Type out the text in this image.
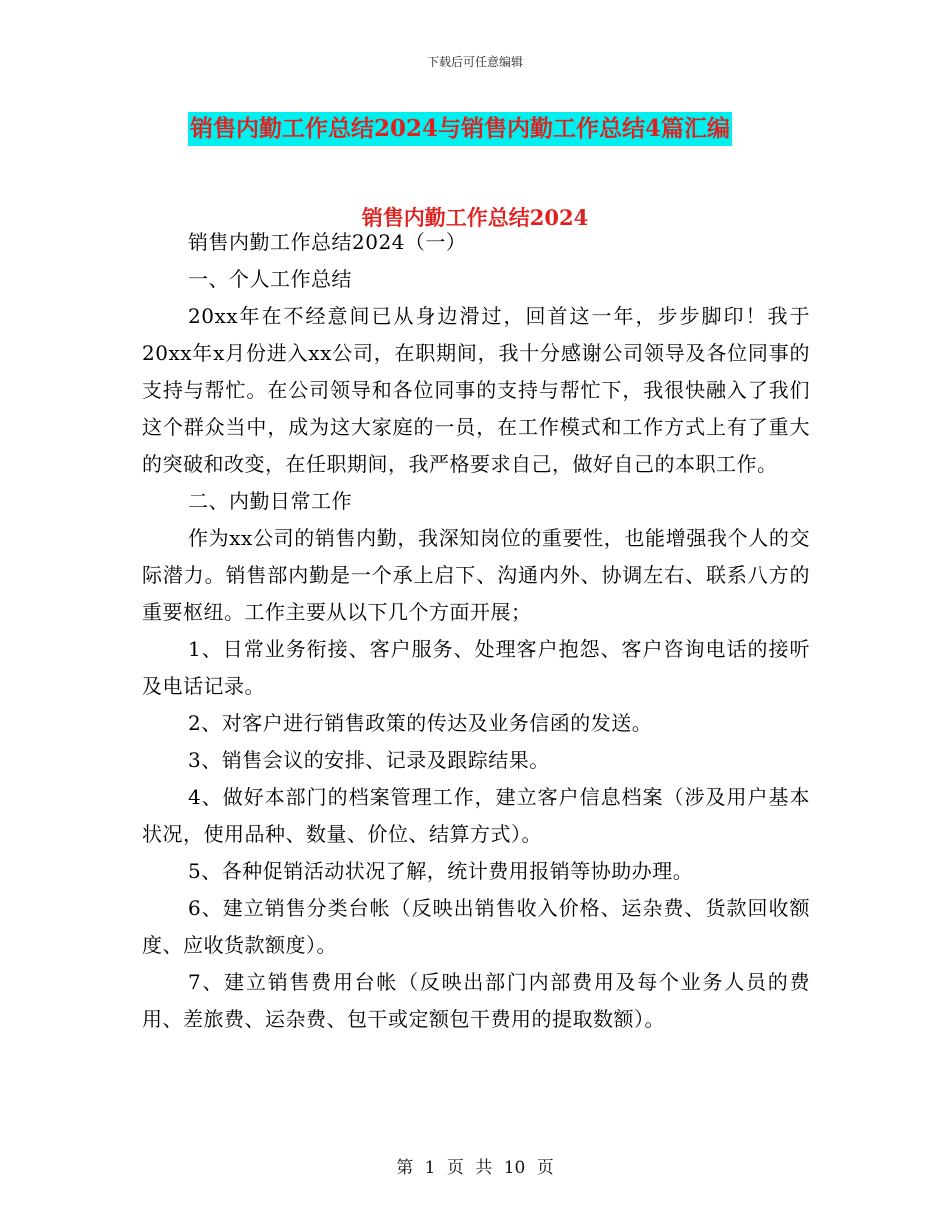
下载后可任意编辑
销售内勤工作总结2024与销售内勤工作总结4篇汇编
销售内勤工作总结2024

销售内勤工作总结2024（一）

一、个人工作总结

20xx年在不经意间已从身边滑过，回首这一年，步步脚印！我于20xx年x月份进入xx公司，在职期间，我十分感谢公司领导及各位同事的支持与帮忙。在公司领导和各位同事的支持与帮忙下，我很快融入了我们这个群众当中，成为这大家庭的一员，在工作模式和工作方式上有了重大的突破和改变，在任职期间，我严格要求自己，做好自己的本职工作。

二、内勤日常工作

作为xx公司的销售内勤，我深知岗位的重要性，也能增强我个人的交际潜力。销售部内勤是一个承上启下、沟通内外、协调左右、联系八方的重要枢纽。工作主要从以下几个方面开展；

1、日常业务衔接、客户服务、处理客户抱怨、客户咨询电话的接听及电话记录。

2、对客户进行销售政策的传达及业务信函的发送。

3、销售会议的安排、记录及跟踪结果。

4、做好本部门的档案管理工作，建立客户信息档案（涉及用户基本状况，使用品种、数量、价位、结算方式）。

5、各种促销活动状况了解，统计费用报销等协助办理。

6、建立销售分类台帐（反映出销售收入价格、运杂费、货款回收额度、应收货款额度）。

7、建立销售费用台帐（反映出部门内部费用及每个业务人员的费用、差旅费、运杂费、包干或定额包干费用的提取数额）。

第 1 页 共 10 页
